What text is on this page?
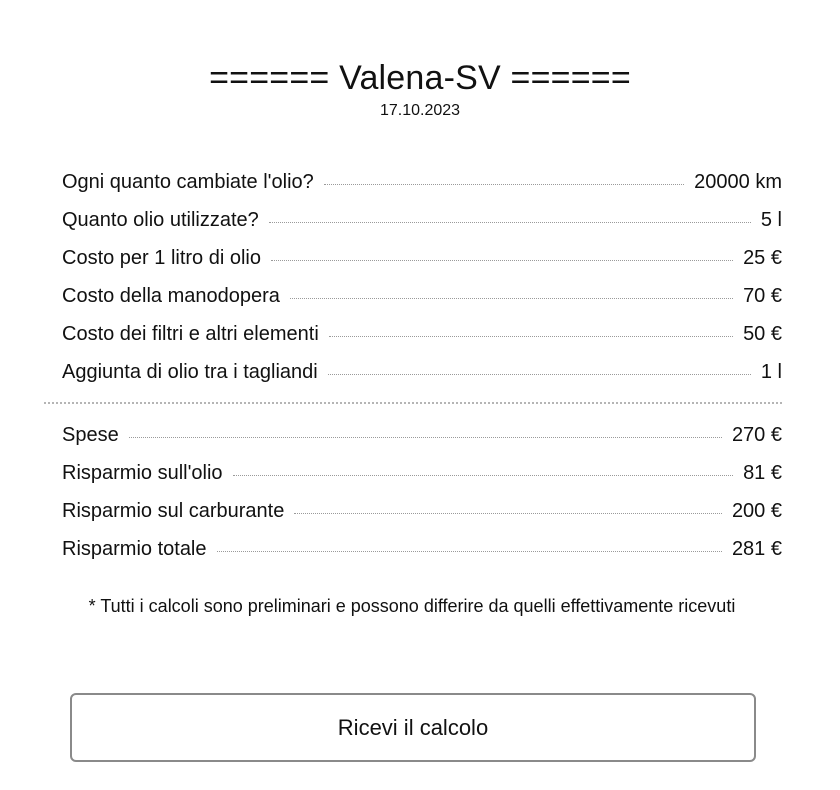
====== Valena-SV ======
17.10.2023
Ogni quanto cambiate l'olio?	20000 km
Quanto olio utilizzate?	5 l
Costo per 1 litro di olio	25 €
Costo della manodopera	70 €
Costo dei filtri e altri elementi	50 €
Aggiunta di olio tra i tagliandi	1 l
Spese	270 €
Risparmio sull'olio	81 €
Risparmio sul carburante	200 €
Risparmio totale	281 €
* Tutti i calcoli sono preliminari e possono differire da quelli effettivamente ricevuti
Ricevi il calcolo
